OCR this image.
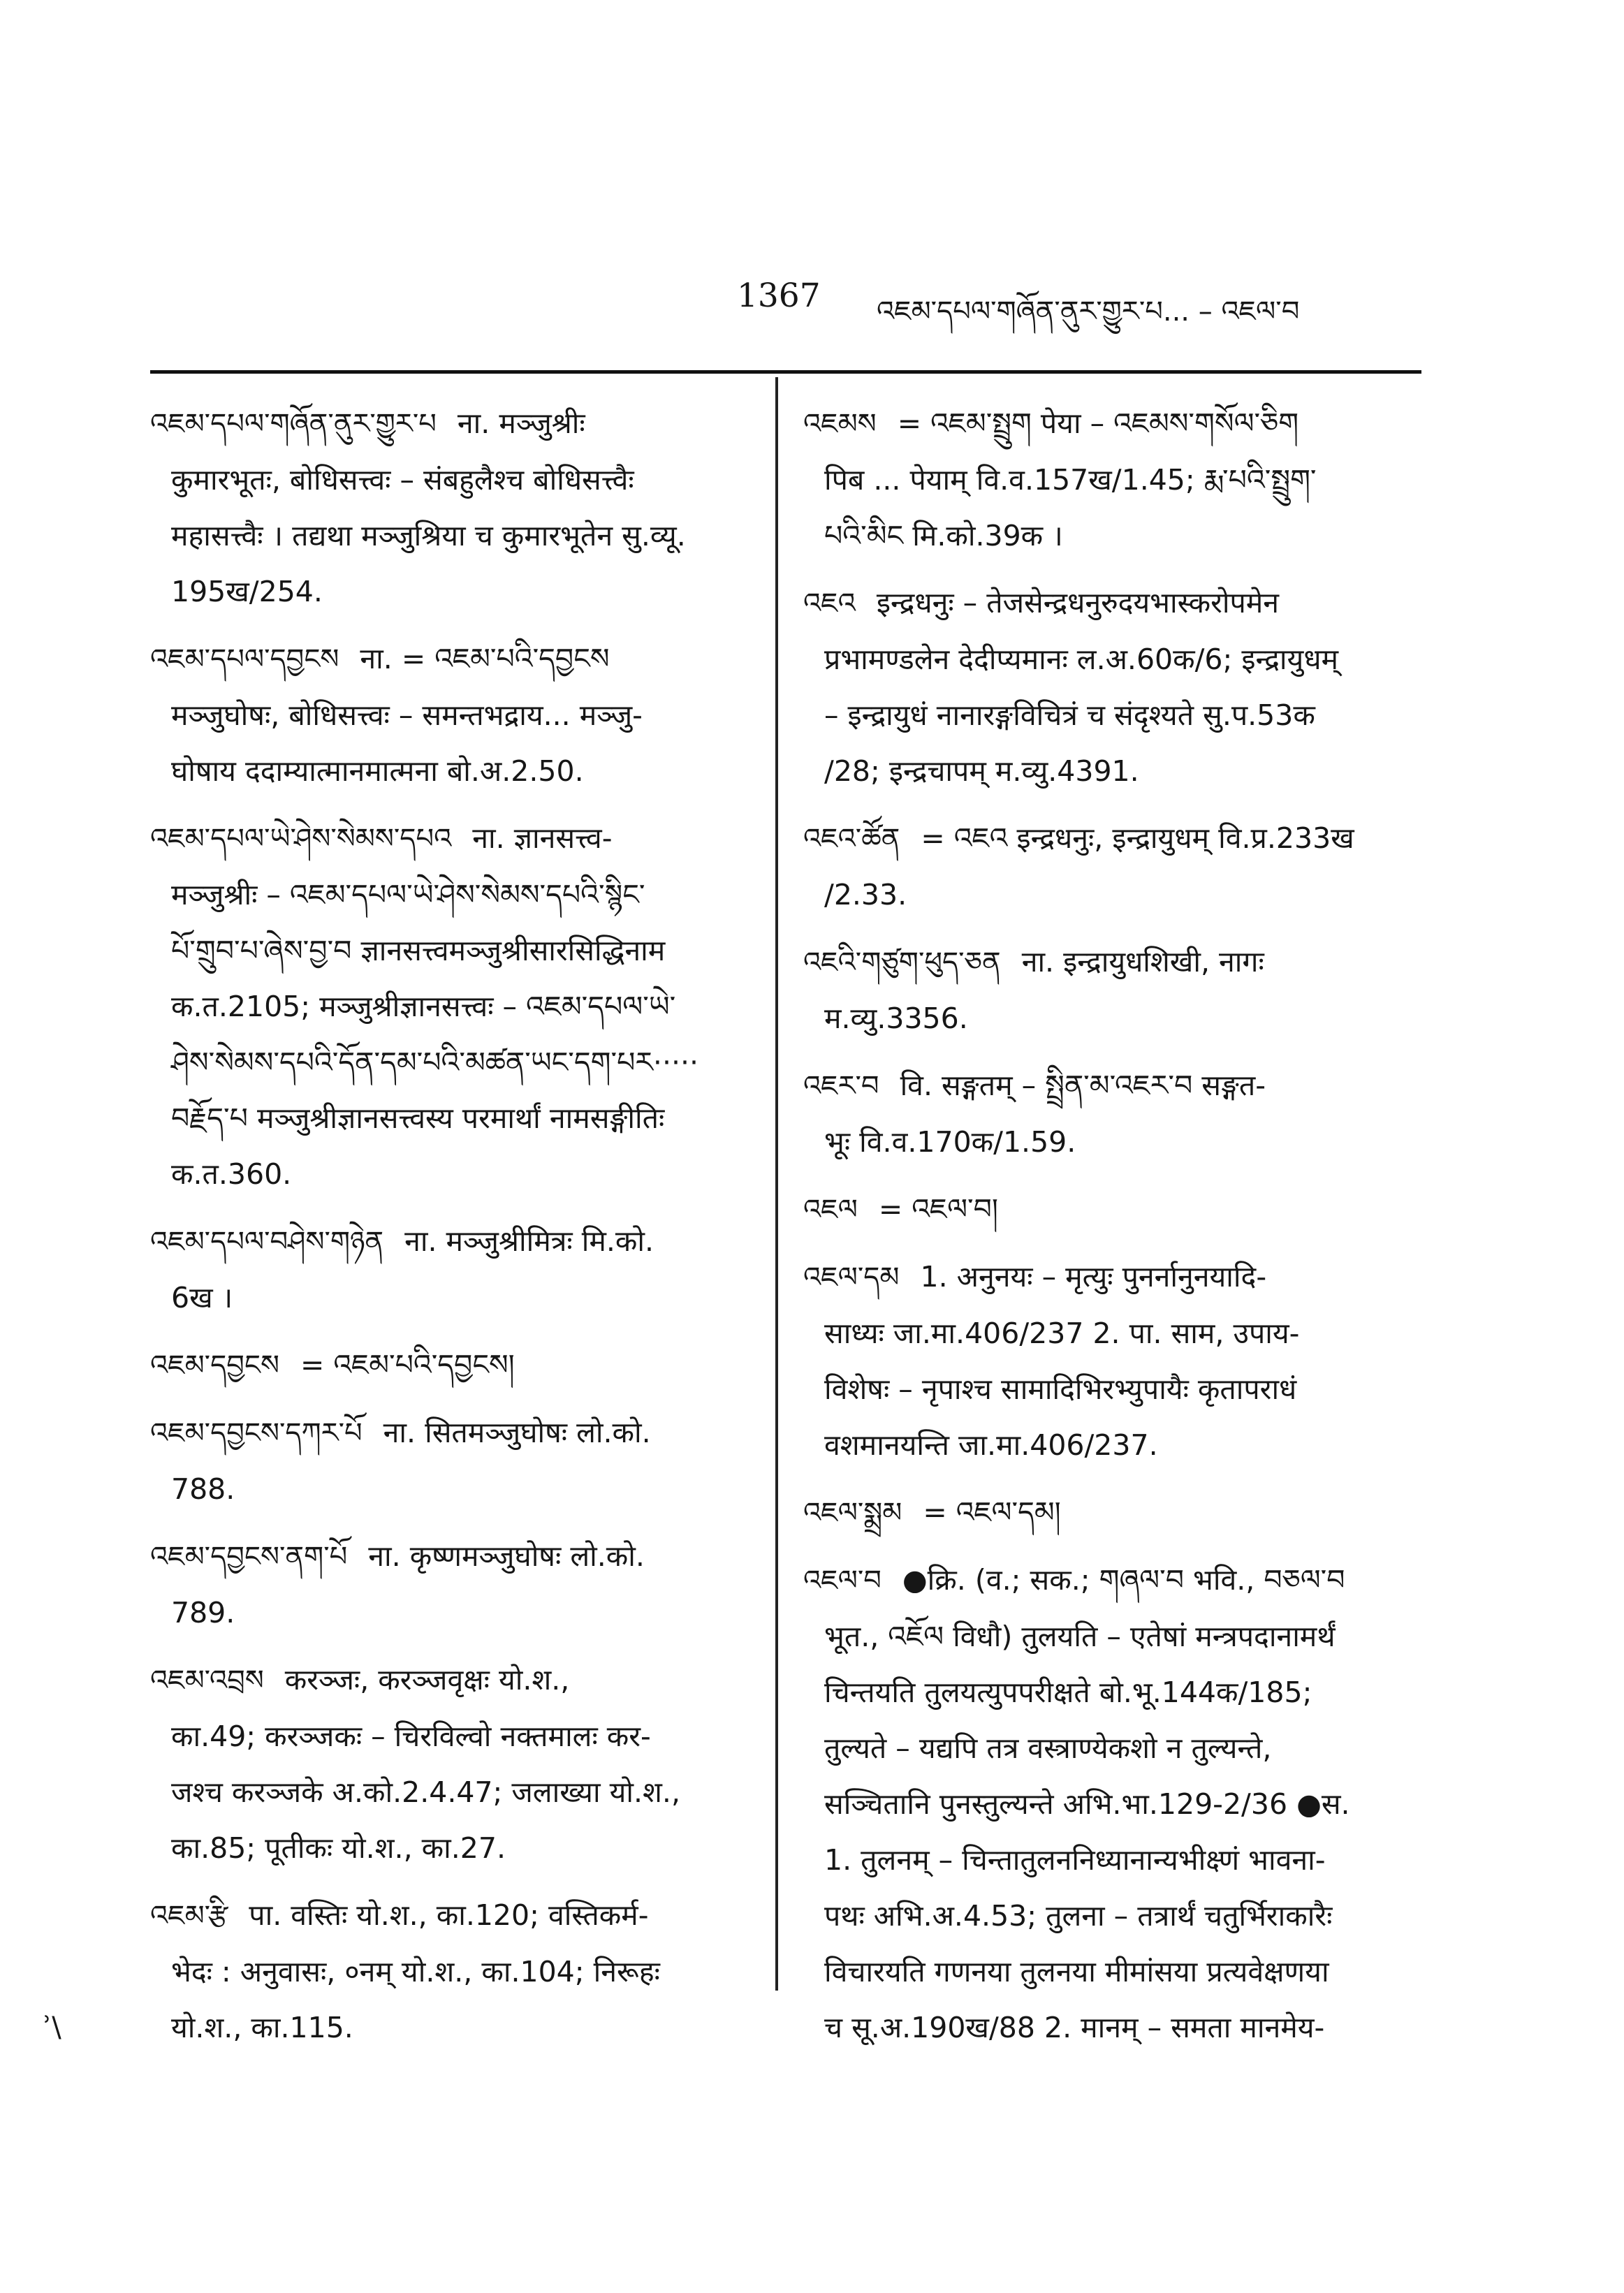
1367 འཇམ་དཔལ་གཞོན་ནུར་གྱུར་པ... – འཇལ་བ
འཇམ་དཔལ་གཞོན་ནུར་གྱུར་པ ना. मञ्जुश्रीः
कुमारभूतः, बोधिसत्त्वः – संबहुलैश्च बोधिसत्त्वैः
महासत्त्वैः । तद्यथा मञ्जुश्रिया च कुमारभूतेन सु.व्यू.
195ख/254.
འཇམ་དཔལ་དབྱངས ना. = འཇམ་པའི་དབྱངས
मञ्जुघोषः, बोधिसत्त्वः – समन्तभद्राय... मञ्जु-
घोषाय ददाम्यात्मानमात्मना बो.अ.2.50.
འཇམ་དཔལ་ཡེ་ཤེས་སེམས་དཔའ ना. ज्ञानसत्त्व-
मञ्जुश्रीः – འཇམ་དཔལ་ཡེ་ཤེས་སེམས་དཔའི་སྙིང་
པོ་གྲུབ་པ་ཞེས་བྱ་བ ज्ञानसत्त्वमञ्जुश्रीसारसिद्धिनाम
क.त.2105; मञ्जुश्रीज्ञानसत्त्वः – འཇམ་དཔལ་ཡེ་
ཤེས་སེམས་དཔའི་དོན་དམ་པའི་མཚན་ཡང་དག་པར·····
བརྗོད་པ मञ्जुश्रीज्ञानसत्त्वस्य परमार्थां नामसङ्गीतिः
क.त.360.
འཇམ་དཔལ་བཤེས་གཉེན ना. मञ्जुश्रीमित्रः मि.को.
6ख ।
འཇམ་དབྱངས = འཇམ་པའི་དབྱངས།
འཇམ་དབྱངས་དཀར་པོ ना. सितमञ्जुघोषः लो.को.
788.
འཇམ་དབྱངས་ནག་པོ ना. कृष्णमञ्जुघोषः लो.को.
789.
འཇམ་འབྲས करञ्जः, करञ्जवृक्षः यो.श.,
का.49; करञ्जकः – चिरविल्वो नक्तमालः कर-
जश्च करञ्जके अ.को.2.4.47; जलाख्या यो.श.,
का.85; पूतीकः यो.श., का.27.
འཇམ་རྩི पा. वस्तिः यो.श., का.120; वस्तिकर्म-
भेदः : अनुवासः, ०नम् यो.श., का.104; निरूहः
यो.श., का.115.
འཇམས = འཇམ་སྤྲུག पेया – འཇམས་གསོལ་ཅིག
पिब ... पेयाम् वि.व.157ख/1.45; རྨ་པའི་སྤྲུག་
པའི་མིང मि.को.39क ।
འཇའ इन्द्रधनुः – तेजसेन्द्रधनुरुदयभास्करोपमेन
प्रभामण्डलेन देदीप्यमानः ल.अ.60क/6; इन्द्रायुधम्
– इन्द्रायुधं नानारङ्गविचित्रं च संदृश्यते सु.प.53क
/28; इन्द्रचापम् म.व्यु.4391.
འཇའ་ཚོན = འཇའ इन्द्रधनुः, इन्द्रायुधम् वि.प्र.233ख
/2.33.
འཇའི་གཙུག་ཕུད་ཅན ना. इन्द्रायुधशिखी, नागः
म.व्यु.3356.
འཇར་བ वि. सङ्गतम् – སྤྲིན་མ་འཇར་བ सङ्गत-
भूः वि.व.170क/1.59.
འཇལ = འཇལ་བ།
འཇལ་དམ 1. अनुनयः – मृत्युः पुनर्नानुनयादि-
साध्यः जा.मा.406/237 2. पा. साम, उपाय-
विशेषः – नृपाश्च सामादिभिरभ्युपायैः कृतापराधं
वशमानयन्ति जा.मा.406/237.
འཇལ་སྨྲམ = འཇལ་དམ།
འཇལ་བ ●क्रि. (व.; सक.; གཞལ་བ भवि., བཅལ་བ
भूत., འཇོལ विधौ) तुलयति – एतेषां मन्त्रपदानामर्थं
चिन्तयति तुलयत्युपपरीक्षते बो.भू.144क/185;
तुल्यते – यद्यपि तत्र वस्त्राण्येकशो न तुल्यन्ते,
सञ्चितानि पुनस्तुल्यन्ते अभि.भा.129-2/36 ●स.
1. तुलनम् – चिन्तातुलननिध्यानान्यभीक्ष्णं भावना-
पथः अभि.अ.4.53; तुलना – तत्रार्थं चतुर्भिराकारैः
विचारयति गणनया तुलनया मीमांसया प्रत्यवेक्षणया
च सू.अ.190ख/88 2. मानम् – समता मानमेय-
ʾ\
